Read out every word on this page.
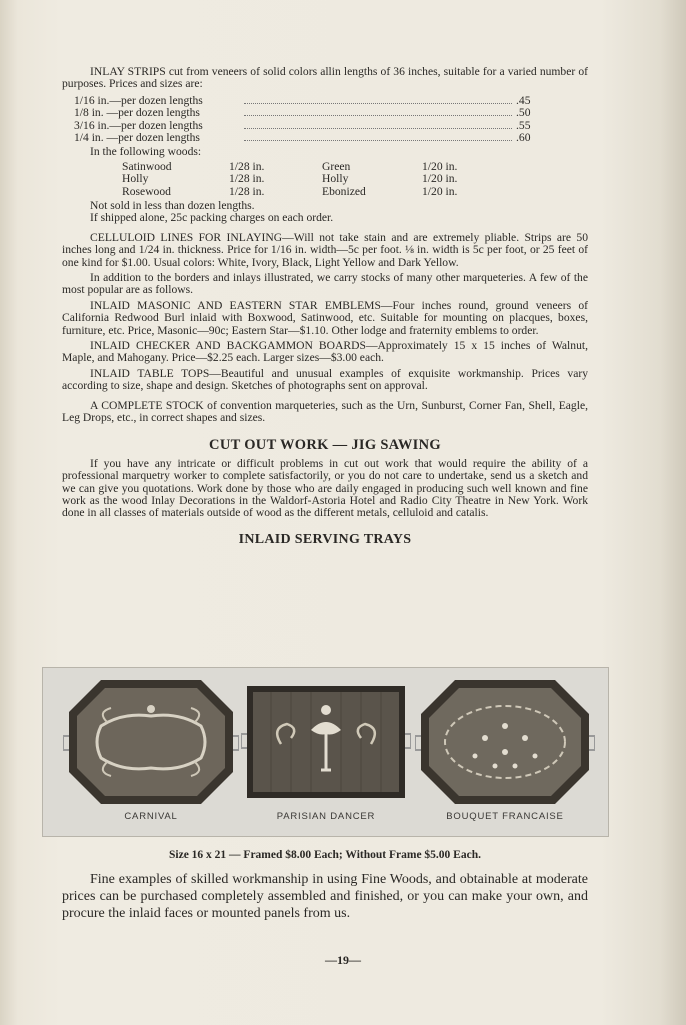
INLAY STRIPS cut from veneers of solid colors allin lengths of 36 inches, suitable for a varied number of purposes. Prices and sizes are:

1/16 in.—per dozen lengths	.45
1/8 in. —per dozen lengths	.50
3/16 in.—per dozen lengths	.55
1/4 in. —per dozen lengths	.60

In the following woods:

Satinwood	1/28 in.	Green	1/20 in.
Holly	1/28 in.	Holly	1/20 in.
Rosewood	1/28 in.	Ebonized	1/20 in.

Not sold in less than dozen lengths.

If shipped alone, 25c packing charges on each order.

CELLULOID LINES FOR INLAYING—Will not take stain and are extremely pliable. Strips are 50 inches long and 1/24 in. thickness. Price for 1/16 in. width—5c per foot. ⅛ in. width is 5c per foot, or 25 feet of one kind for $1.00. Usual colors: White, Ivory, Black, Light Yellow and Dark Yellow.

In addition to the borders and inlays illustrated, we carry stocks of many other marqueteries. A few of the most popular are as follows.

INLAID MASONIC AND EASTERN STAR EMBLEMS—Four inches round, ground veneers of California Redwood Burl inlaid with Boxwood, Satinwood, etc. Suitable for mounting on placques, boxes, furniture, etc. Price, Masonic—90c; Eastern Star—$1.10. Other lodge and fraternity emblems to order.

INLAID CHECKER AND BACKGAMMON BOARDS—Approximately 15 x 15 inches of Walnut, Maple, and Mahogany. Price—$2.25 each. Larger sizes—$3.00 each.

INLAID TABLE TOPS—Beautiful and unusual examples of exquisite workmanship. Prices vary according to size, shape and design. Sketches of photographs sent on approval.

A COMPLETE STOCK of convention marqueteries, such as the Urn, Sunburst, Corner Fan, Shell, Eagle, Leg Drops, etc., in correct shapes and sizes.

CUT OUT WORK — JIG SAWING

If you have any intricate or difficult problems in cut out work that would require the ability of a professional marquetry worker to complete satisfactorily, or you do not care to undertake, send us a sketch and we can give you quotations. Work done by those who are daily engaged in producing such well known and fine work as the wood Inlay Decorations in the Waldorf-Astoria Hotel and Radio City Theatre in New York. Work done in all classes of materials outside of wood as the different metals, celluloid and catalis.

INLAID SERVING TRAYS
CARNIVAL	PARISIAN DANCER	BOUQUET FRANCAISE
Size 16 x 21 — Framed $8.00 Each; Without Frame $5.00 Each.

Fine examples of skilled workmanship in using Fine Woods, and obtainable at moderate prices can be purchased completely assembled and finished, or you can make your own, and procure the inlaid faces or mounted panels from us.

—19—
